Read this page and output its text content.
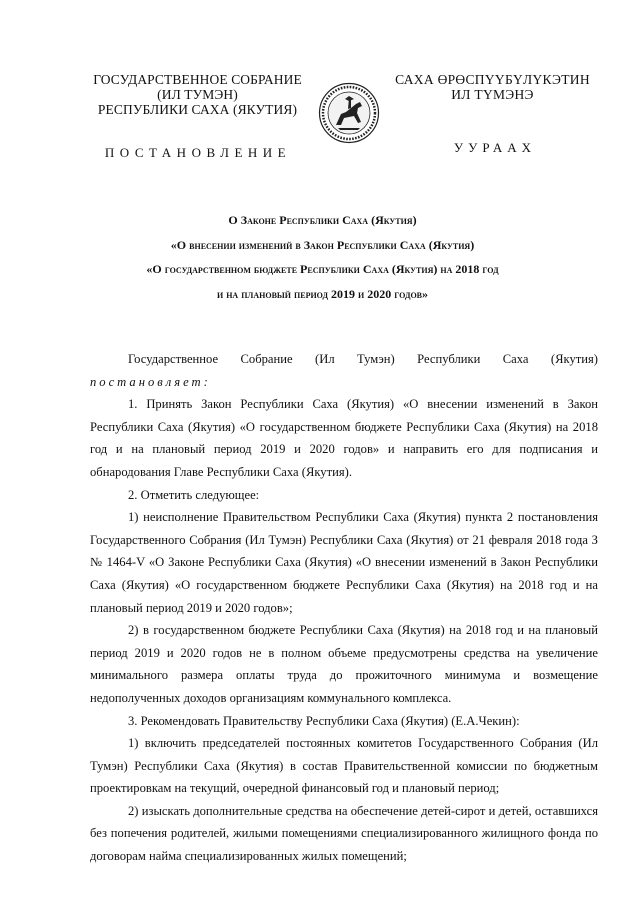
ГОСУДАРСТВЕННОЕ СОБРАНИЕ
(ИЛ ТУМЭН)
РЕСПУБЛИКИ САХА (ЯКУТИЯ)
САХА ӨРӨСПҮҮБҮЛҮКЭТИН
ИЛ ТҮМЭНЭ
ПОСТАНОВЛЕНИЕ	УУРААХ
О Законе Республики Саха (Якутия)
«О внесении изменений в Закон Республики Саха (Якутия)
«О государственном бюджете Республики Саха (Якутия) на 2018 год
и на плановый период 2019 и 2020 годов»

Государственное Собрание (Ил Тумэн) Республики Саха (Якутия)

постановляет:

1. Принять Закон Республики Саха (Якутия) «О внесении изменений в Закон Республики Саха (Якутия) «О государственном бюджете Республики Саха (Якутия) на 2018 год и на плановый период 2019 и 2020 годов» и направить его для подписания и обнародования Главе Республики Саха (Якутия).

2. Отметить следующее:

1) неисполнение Правительством Республики Саха (Якутия) пункта 2 постановления Государственного Собрания (Ил Тумэн) Республики Саха (Якутия) от 21 февраля 2018 года З № 1464-V «О Законе Республики Саха (Якутия) «О внесении изменений в Закон Республики Саха (Якутия) «О государственном бюджете Республики Саха (Якутия) на 2018 год и на плановый период 2019 и 2020 годов»;

2) в государственном бюджете Республики Саха (Якутия) на 2018 год и на плановый период 2019 и 2020 годов не в полном объеме предусмотрены средства на увеличение минимального размера оплаты труда до прожиточного минимума и возмещение недополученных доходов организациям коммунального комплекса.

3. Рекомендовать Правительству Республики Саха (Якутия) (Е.А.Чекин):

1) включить председателей постоянных комитетов Государственного Собрания (Ил Тумэн) Республики Саха (Якутия) в состав Правительственной комиссии по бюджетным проектировкам на текущий, очередной финансовый год и плановый период;

2) изыскать дополнительные средства на обеспечение детей-сирот и детей, оставшихся без попечения родителей, жилыми помещениями специализированного жилищного фонда по договорам найма специализированных жилых помещений;
